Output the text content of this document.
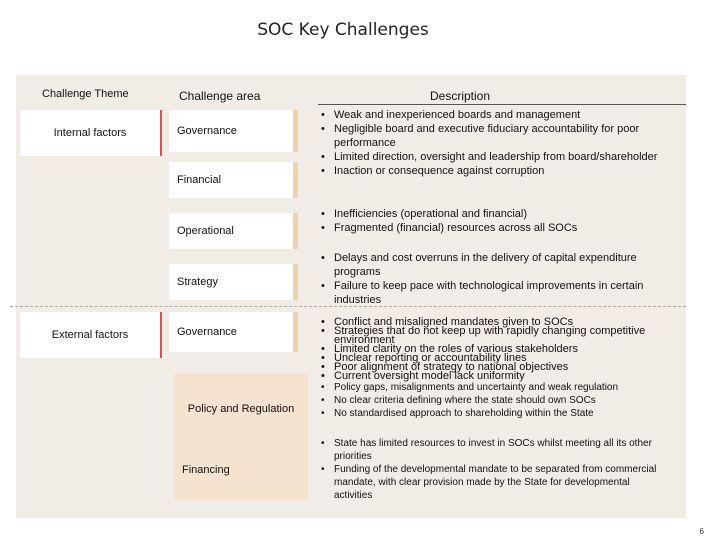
SOC Key Challenges
Challenge Theme	Challenge area	Description
Internal factors
External factors
Governance
Financial
Operational
Strategy
Governance
Policy and Regulation
Financing
• Weak and inexperienced boards and management
• Negligible board and executive fiduciary accountability for poor performance
• Limited direction, oversight and leadership from board/shareholder
• Inaction or consequence against corruption
• Inefficiencies (operational and financial)
• Fragmented (financial) resources across all SOCs
• Delays and cost overruns in the delivery of capital expenditure programs
• Failure to keep pace with technological improvements in certain industries
• Conflict and misaligned mandates given to SOCs
• Strategies that do not keep up with rapidly changing competitive environment
• Limited clarity on the roles of various stakeholders
• Unclear reporting or accountability lines
• Poor alignment of strategy to national objectives
• Current oversight model lack uniformity
• Policy gaps, misalignments and uncertainty and weak regulation
• No clear criteria defining where the state should own SOCs
• No standardised approach to shareholding within the State
• State has limited resources to invest in SOCs whilst meeting all its other priorities
• Funding of the developmental mandate to be separated from commercial mandate, with clear provision made by the State for developmental activities
6
